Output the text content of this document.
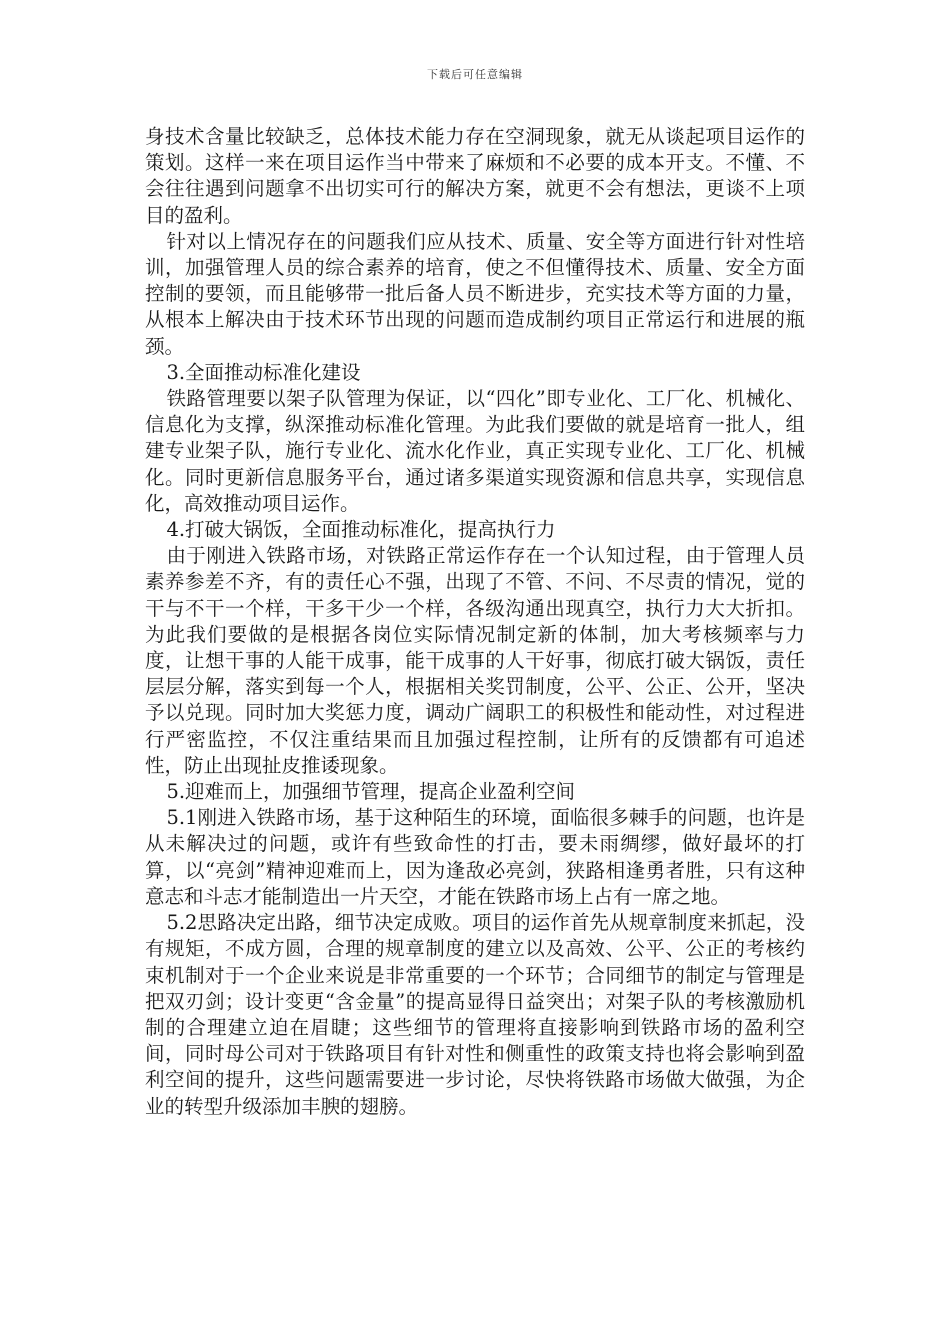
下载后可任意编辑

身技术含量比较缺乏，总体技术能力存在空洞现象，就无从谈起项目运作的策划。这样一来在项目运作当中带来了麻烦和不必要的成本开支。不懂、不会往往遇到问题拿不出切实可行的解决方案，就更不会有想法，更谈不上项目的盈利。

针对以上情况存在的问题我们应从技术、质量、安全等方面进行针对性培训，加强管理人员的综合素养的培育，使之不但懂得技术、质量、安全方面控制的要领，而且能够带一批后备人员不断进步，充实技术等方面的力量，从根本上解决由于技术环节出现的问题而造成制约项目正常运行和进展的瓶颈。

3.全面推动标准化建设

铁路管理要以架子队管理为保证，以“四化”即专业化、工厂化、机械化、信息化为支撑，纵深推动标准化管理。为此我们要做的就是培育一批人，组建专业架子队，施行专业化、流水化作业，真正实现专业化、工厂化、机械化。同时更新信息服务平台，通过诸多渠道实现资源和信息共享，实现信息化，高效推动项目运作。

4.打破大锅饭，全面推动标准化，提高执行力

由于刚进入铁路市场，对铁路正常运作存在一个认知过程，由于管理人员素养参差不齐，有的责任心不强，出现了不管、不问、不尽责的情况，觉的干与不干一个样，干多干少一个样，各级沟通出现真空，执行力大大折扣。为此我们要做的是根据各岗位实际情况制定新的体制，加大考核频率与力度，让想干事的人能干成事，能干成事的人干好事，彻底打破大锅饭，责任层层分解，落实到每一个人，根据相关奖罚制度，公平、公正、公开，坚决予以兑现。同时加大奖惩力度，调动广阔职工的积极性和能动性，对过程进行严密监控，不仅注重结果而且加强过程控制，让所有的反馈都有可追述性，防止出现扯皮推诿现象。

5.迎难而上，加强细节管理，提高企业盈利空间

5.1刚进入铁路市场，基于这种陌生的环境，面临很多棘手的问题，也许是从未解决过的问题，或许有些致命性的打击，要未雨绸缪，做好最坏的打算，以“亮剑”精神迎难而上，因为逢敌必亮剑，狭路相逢勇者胜，只有这种意志和斗志才能制造出一片天空，才能在铁路市场上占有一席之地。

5.2思路决定出路，细节决定成败。项目的运作首先从规章制度来抓起，没有规矩，不成方圆，合理的规章制度的建立以及高效、公平、公正的考核约束机制对于一个企业来说是非常重要的一个环节；合同细节的制定与管理是把双刃剑；设计变更“含金量”的提高显得日益突出；对架子队的考核激励机制的合理建立迫在眉睫；这些细节的管理将直接影响到铁路市场的盈利空间，同时母公司对于铁路项目有针对性和侧重性的政策支持也将会影响到盈利空间的提升，这些问题需要进一步讨论，尽快将铁路市场做大做强，为企业的转型升级添加丰腴的翅膀。
